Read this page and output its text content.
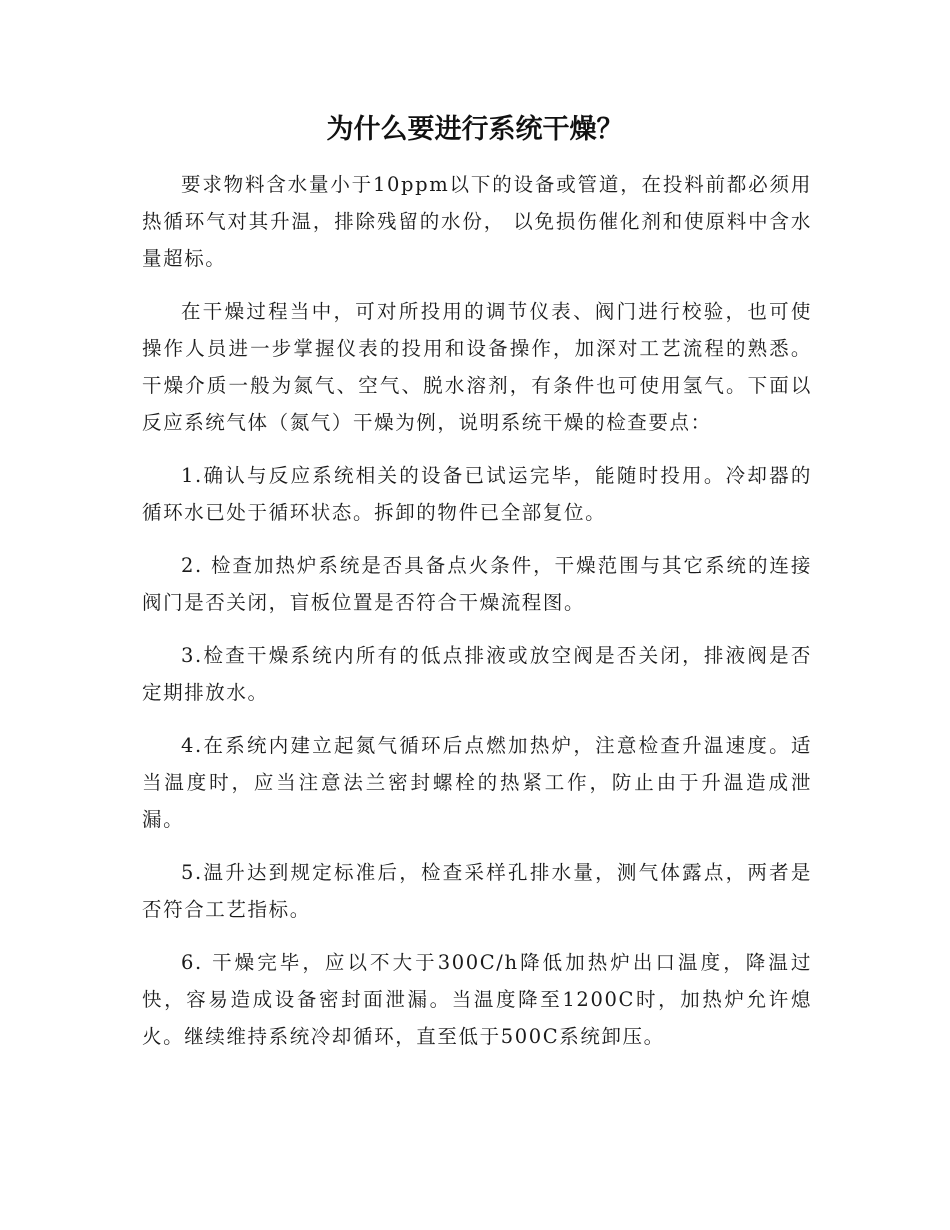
为什么要进行系统干燥？

要求物料含水量小于10ppm以下的设备或管道，在投料前都必须用热循环气对其升温，排除残留的水份， 以免损伤催化剂和使原料中含水量超标。

在干燥过程当中，可对所投用的调节仪表、阀门进行校验，也可使操作人员进一步掌握仪表的投用和设备操作，加深对工艺流程的熟悉。干燥介质一般为氮气、空气、脱水溶剂，有条件也可使用氢气。下面以反应系统气体（氮气）干燥为例，说明系统干燥的检查要点：

1.确认与反应系统相关的设备已试运完毕，能随时投用。冷却器的循环水已处于循环状态。拆卸的物件已全部复位。

2. 检查加热炉系统是否具备点火条件，干燥范围与其它系统的连接阀门是否关闭，盲板位置是否符合干燥流程图。

3.检查干燥系统内所有的低点排液或放空阀是否关闭，排液阀是否定期排放水。

4.在系统内建立起氮气循环后点燃加热炉，注意检查升温速度。适当温度时，应当注意法兰密封螺栓的热紧工作，防止由于升温造成泄漏。

5.温升达到规定标准后，检查采样孔排水量，测气体露点，两者是否符合工艺指标。

6. 干燥完毕，应以不大于300C/h降低加热炉出口温度，降温过快，容易造成设备密封面泄漏。当温度降至1200C时，加热炉允许熄火。继续维持系统冷却循环，直至低于500C系统卸压。
